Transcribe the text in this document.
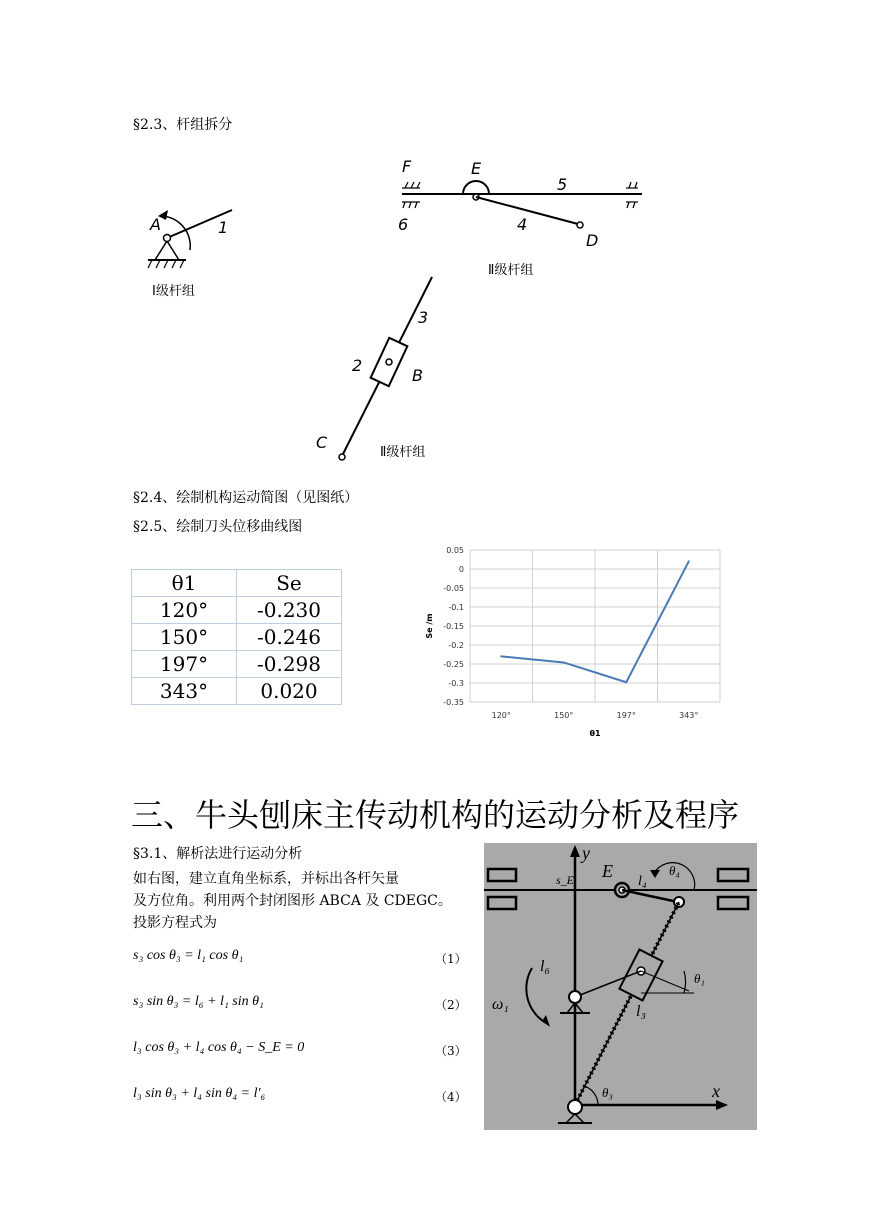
§2.3、杆组拆分
A	1
Ⅰ级杆组
F	E
D
5
4
6
Ⅱ级杆组
3
2
B
C
Ⅱ级杆组
§2.4、绘制机构运动简图（见图纸）
§2.5、绘制刀头位移曲线图
θ1	Se
120°	-0.230
150°	-0.246
197°	-0.298
343°	0.020
0.05
0
-0.05
-0.1
-0.15
-0.2
-0.25
-0.3
-0.35
120°	150°	197°	343°
θ1
Se /m
三、牛头刨床主传动机构的运动分析及程序
§3.1、解析法进行运动分析
如右图，建立直角坐标系，并标出各杆矢量
及方位角。利用两个封闭图形 ABCA 及 CDEGC。
投影方程式为
s₃ cos θ₃ = l₁ cos θ₁	（1）
s₃ sin θ₃ = l₆ + l₁ sin θ₁	（2）
l₃ cos θ₃ + l₄ cos θ₄ − S_E = 0	（3）
l₃ sin θ₃ + l₄ sin θ₄ = l′₆	（4）
y
s_E E
l₄
θ₄
l₆
θ₁
ω₁	l₃
θ₃	x
